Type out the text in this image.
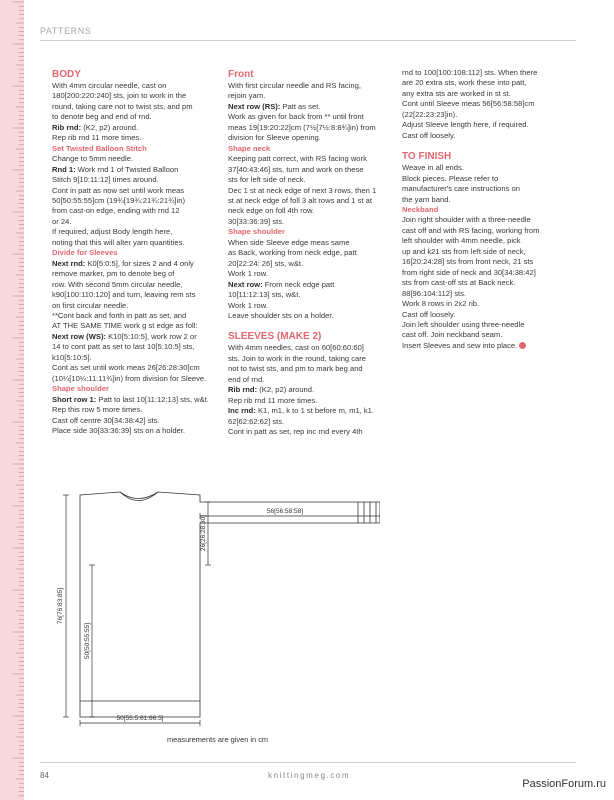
PATTERNS
BODY
With 4mm circular needle, cast on
180[200:220:240] sts, join to work in the
round, taking care not to twist sts, and pm
to denote beg and end of rnd.
Rib rnd: (K2, p2) around.
Rep rib rnd 11 more times.
Set Twisted Balloon Stitch
Change to 5mm needle.
Rnd 1: Work rnd 1 of Twisted Balloon
Stitch 9[10:11:12] times around.
Cont in patt as now set until work meas
50[50:55:55]cm (19¾[19¾:21¾:21¾]in)
from cast-on edge, ending with rnd 12
or 24.
If required, adjust Body length here,
noting that this will alter yarn quantities.
Divide for Sleeves
Next rnd: K0[5:0:5], for sizes 2 and 4 only
remove marker, pm to denote beg of
row. With second 5mm circular needle,
k90[100:110:120] and turn, leaving rem sts
on first circular needle.
**Cont back and forth in patt as set, and
AT THE SAME TIME work g st edge as foll:
Next row (WS): K10[5:10:5], work row 2 or
14 to cont patt as set to last 10[5:10:5] sts,
k10[5:10:5].
Cont as set until work meas 26[26:28:30]cm
(10¼[10¼:11:11¾]in) from division for Sleeve.
Shape shoulder
Short row 1: Patt to last 10[11:12:13] sts, w&t.
Rep this row 5 more times.
Cast off centre 30[34:38:42] sts.
Place side 30[33:36:39] sts on a holder.
Front
With first circular needle and RS facing,
rejoin yarn.
Next row (RS): Patt as set.
Work as given for back from ** until front
meas 19[19:20:22]cm (7½[7½:8:8¾]in) from
division for Sleeve opening.
Shape neck
Keeping patt correct, with RS facing work
37[40:43:46] sts, turn and work on these
sts for left side of neck.
Dec 1 st at neck edge of next 3 rows, then 1
st at neck edge of foll 3 alt rows and 1 st at
neck edge on foll 4th row.
30[33:36:39] sts.
Shape shoulder
When side Sleeve edge meas same
as Back, working from neck edge, patt
20[22:24: 26] sts, w&t.
Work 1 row.
Next row: From neck edge patt
10[11:12:13] sts, w&t.
Work 1 row.
Leave shoulder sts on a holder.
SLEEVES (MAKE 2)
With 4mm needles, cast on 60[60:60:60]
sts. Join to work in the round, taking care
not to twist sts, and pm to mark beg and
end of rnd.
Rib rnd: (K2, p2) around.
Rep rib rnd 11 more times.
Inc rnd: K1, m1, k to 1 st before m, m1, k1.
62[62:62:62] sts.
Cont in patt as set, rep inc rnd every 4th
rnd to 100[100:108:112] sts. When there
are 20 extra sts, work these into patt,
any extra sts are worked in st st.
Cont until Sleeve meas 56[56:58:58]cm
(22[22:23:23]in).
Adjust Sleeve length here, if required.
Cast off loosely.
TO FINISH
Weave in all ends.
Block pieces. Please refer to
manufacturer's care instructions on
the yarn band.
Neckband
Join right shoulder with a three-needle
cast off and with RS facing, working from
left shoulder with 4mm needle, pick
up and k21 sts from left side of neck,
16[20:24:28] sts from front neck, 21 sts
from right side of neck and 30[34:38:42]
sts from cast-off sts at Back neck.
88[96:104:112] sts.
Work 8 rows in 2x2 rib.
Cast off loosely.
Join left shoulder using three-needle
cast off. Join neckband seam.
Insert Sleeves and sew into place.
56[56:58:58]
26[26:28:30]
76[76:83:85]
50[50:55:55]
50[55.5:61:66.5]
measurements are given in cm
84	knittingmeg.com
PassionForum.ru
